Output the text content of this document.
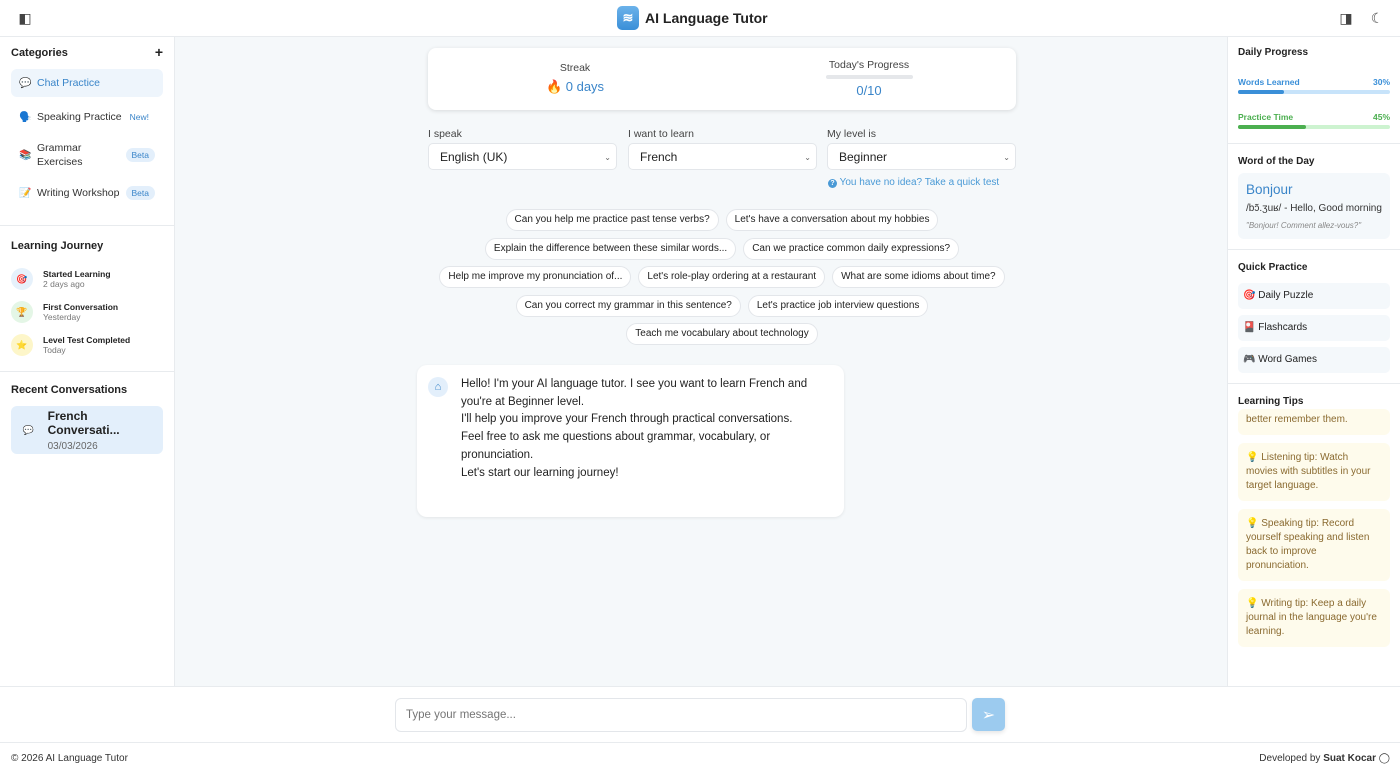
◧	≋ AI Language Tutor	◨ ☾
Categories	+
💬 Chat Practice
🗣️ Speaking Practice New!
📚
Grammar Exercises
Beta
📝 Writing Workshop	Beta
Learning Journey
🎯	Started Learning
2 days ago
🏆	First Conversation
Yesterday
⭐	Level Test Completed
Today
Recent Conversations
💬
French Conversati...
03/03/2026
Streak
🔥 0 days
Today's Progress
0/10
I speak
English (UK)	⌄
I want to learn
French	⌄
My level is
Beginner	⌄
? You have no idea? Take a quick test
Can you help me practice past tense verbs?	Let's have a conversation about my hobbies
Explain the difference between these similar words...	Can we practice common daily expressions?
Help me improve my pronunciation of...	Let's role-play ordering at a restaurant	What are some idioms about time?
Can you correct my grammar in this sentence?	Let's practice job interview questions
Teach me vocabulary about technology
⌂	Hello! I'm your AI language tutor. I see you want to learn French and you're at Beginner level.
I'll help you improve your French through practical conversations.
Feel free to ask me questions about grammar, vocabulary, or pronunciation.
Let's start our learning journey!
Daily Progress
Words Learned	30%
Practice Time	45%
Word of the Day
Bonjour
/bɔ̃.ʒuʁ/ - Hello, Good morning
"Bonjour! Comment allez-vous?"
Quick Practice
🎯 Daily Puzzle
🎴 Flashcards
🎮 Word Games
Learning Tips
better remember them.
💡 Listening tip: Watch movies with subtitles in your target language.
💡 Speaking tip: Record yourself speaking and listen back to improve pronunciation.
💡 Writing tip: Keep a daily journal in the language you're learning.
Type your message...
➢
© 2026 AI Language Tutor	Developed by Suat Kocar ◯
